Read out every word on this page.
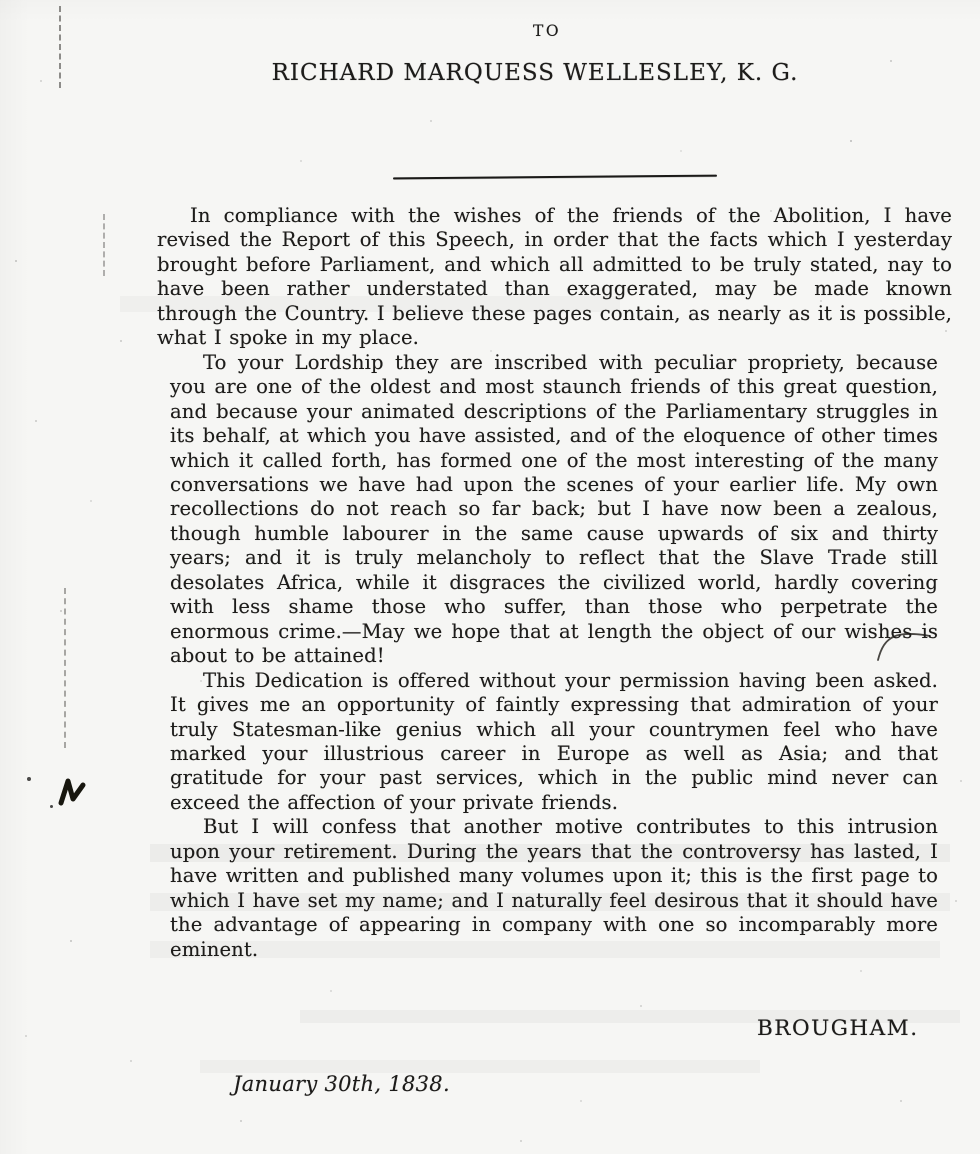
TO
RICHARD MARQUESS WELLESLEY, K. G.

In compliance with the wishes of the friends of the Abolition, I have revised the Report of this Speech, in order that the facts which I yesterday brought before Parliament, and which all admitted to be truly stated, nay to have been rather understated than exaggerated, may be made known through the Country. I believe these pages contain, as nearly as it is possible, what I spoke in my place.

To your Lordship they are inscribed with peculiar propriety, because you are one of the oldest and most staunch friends of this great question, and because your animated descriptions of the Parliamentary struggles in its behalf, at which you have assisted, and of the eloquence of other times which it called forth, has formed one of the most interesting of the many conversations we have had upon the scenes of your earlier life. My own recollections do not reach so far back; but I have now been a zealous, though humble labourer in the same cause upwards of six and thirty years; and it is truly melancholy to reflect that the Slave Trade still desolates Africa, while it disgraces the civilized world, hardly covering with less shame those who suffer, than those who perpetrate the enormous crime.—May we hope that at length the object of our wishes is about to be attained!

This Dedication is offered without your permission having been asked. It gives me an opportunity of faintly expressing that admiration of your truly Statesman-like genius which all your countrymen feel who have marked your illustrious career in Europe as well as Asia; and that gratitude for your past services, which in the public mind never can exceed the affection of your private friends.

But I will confess that another motive contributes to this intrusion upon your retirement. During the years that the controversy has lasted, I have written and published many volumes upon it; this is the first page to which I have set my name; and I naturally feel desirous that it should have the advantage of appearing in company with one so incomparably more eminent.

BROUGHAM.
January 30th, 1838.
